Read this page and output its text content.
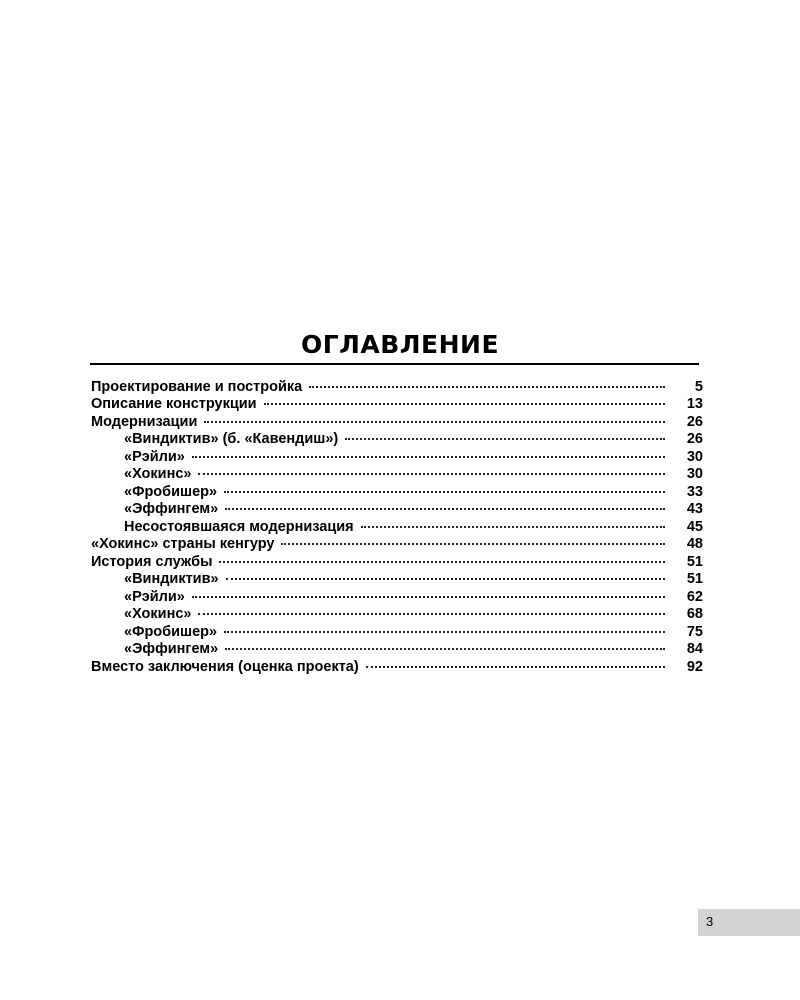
ОГЛАВЛЕНИЕ
Проектирование и постройка	5
Описание конструкции	13
Модернизации	26
«Виндиктив» (б. «Кавендиш»)	26
«Рэйли»	30
«Хокинс»	30
«Фробишер»	33
«Эффингем»	43
Несостоявшаяся модернизация	45
«Хокинс» страны кенгуру	48
История службы	51
«Виндиктив»	51
«Рэйли»	62
«Хокинс»	68
«Фробишер»	75
«Эффингем»	84
Вместо заключения (оценка проекта)	92
3
